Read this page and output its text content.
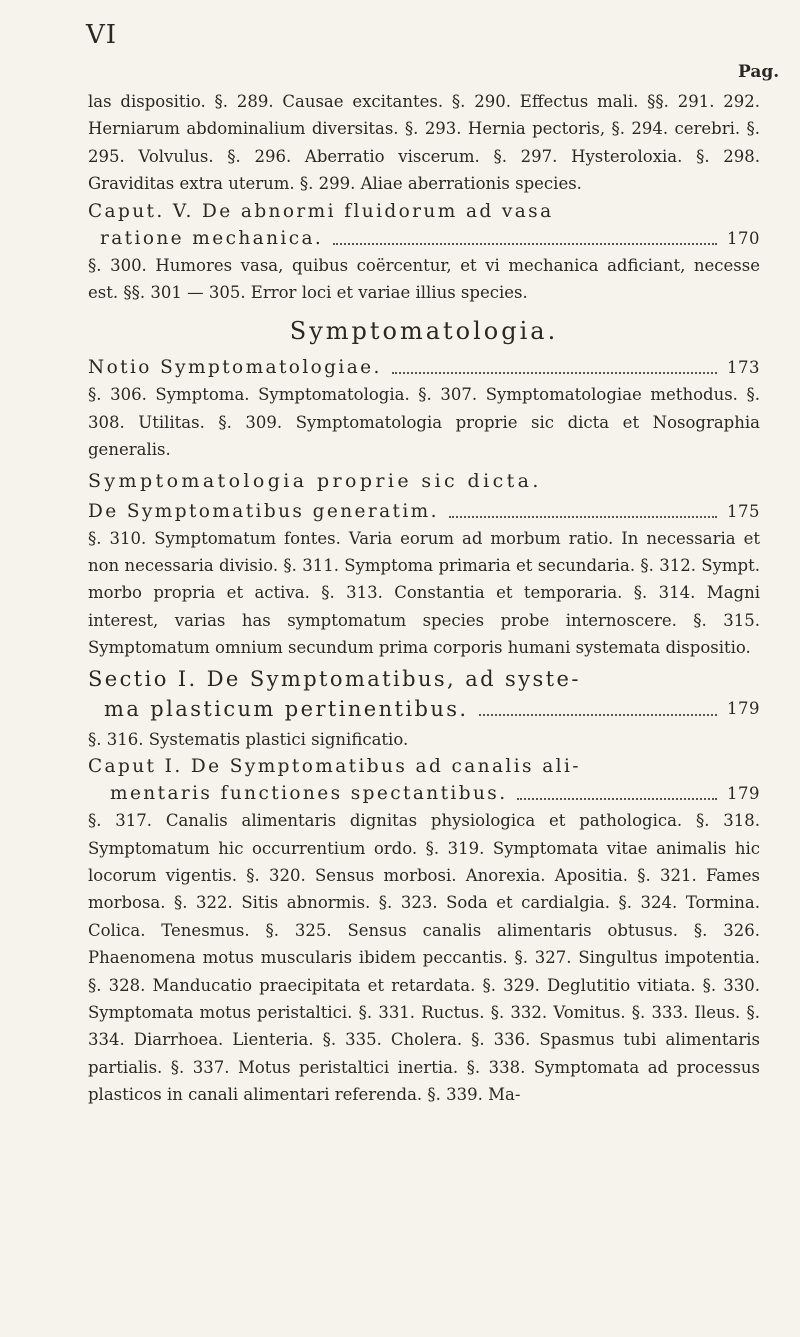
VI
Pag.

las dispositio. §. 289. Causae excitantes. §. 290. Effectus mali. §§. 291. 292. Herniarum abdominalium diversitas. §. 293. Hernia pectoris, §. 294. cerebri. §. 295. Volvulus. §. 296. Aberratio viscerum. §. 297. Hysteroloxia. §. 298. Graviditas extra uterum. §. 299. Aliae aberrationis species.

Caput. V. De abnormi fluidorum ad vasa
ratione mechanica.	170

§. 300. Humores vasa, quibus coërcentur, et vi mechanica adficiant, necesse est. §§. 301 — 305. Error loci et variae illius species.

Symptomatologia.
Notio Symptomatologiae.	173

§. 306. Symptoma. Symptomatologia. §. 307. Symptomatologiae methodus. §. 308. Utilitas. §. 309. Symptomatologia proprie sic dicta et Nosographia generalis.

Symptomatologia proprie sic dicta.
De Symptomatibus generatim.	175

§. 310. Symptomatum fontes. Varia eorum ad morbum ratio. In necessaria et non necessaria divisio. §. 311. Symptoma primaria et secundaria. §. 312. Sympt. morbo propria et activa. §. 313. Constantia et temporaria. §. 314. Magni interest, varias has symptomatum species probe internoscere. §. 315. Symptomatum omnium secundum prima corporis humani systemata dispositio.

Sectio I. De Symptomatibus, ad syste-
ma plasticum pertinentibus.	179

§. 316. Systematis plastici significatio.

Caput I. De Symptomatibus ad canalis ali-
mentaris functiones spectantibus.	179

§. 317. Canalis alimentaris dignitas physiologica et pathologica. §. 318. Symptomatum hic occurrentium ordo. §. 319. Symptomata vitae animalis hic locorum vigentis. §. 320. Sensus morbosi. Anorexia. Apositia. §. 321. Fames morbosa. §. 322. Sitis abnormis. §. 323. Soda et cardialgia. §. 324. Tormina. Colica. Tenesmus. §. 325. Sensus canalis alimentaris obtusus. §. 326. Phaenomena motus muscularis ibidem peccantis. §. 327. Singultus impotentia. §. 328. Manducatio praecipitata et retardata. §. 329. Deglutitio vitiata. §. 330. Symptomata motus peristaltici. §. 331. Ructus. §. 332. Vomitus. §. 333. Ileus. §. 334. Diarrhoea. Lienteria. §. 335. Cholera. §. 336. Spasmus tubi alimentaris partialis. §. 337. Motus peristaltici inertia. §. 338. Symptomata ad processus plasticos in canali alimentari referenda. §. 339. Ma-
